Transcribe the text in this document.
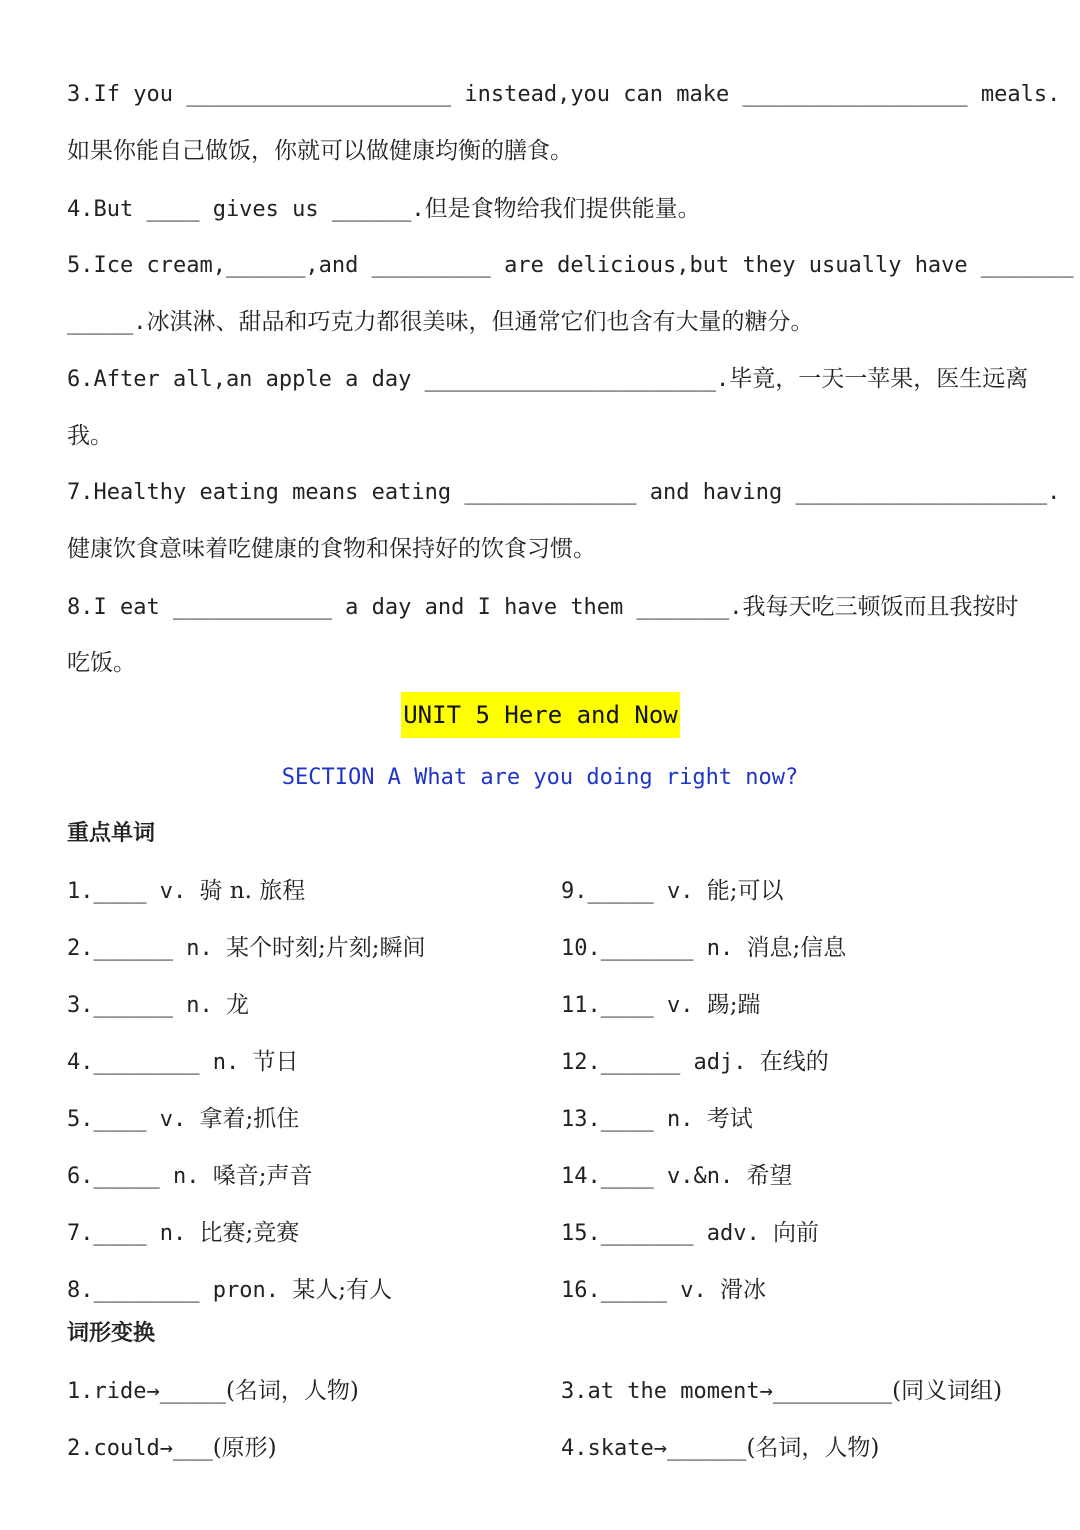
3.If you ____________________ instead,you can make _________________ meals.
如果你能自己做饭，你就可以做健康均衡的膳食。
4.But ____ gives us ______.但是食物给我们提供能量。
5.Ice cream,______,and _________ are delicious,but they usually have _______
_____.冰淇淋、甜品和巧克力都很美味，但通常它们也含有大量的糖分。
6.After all,an apple a day ______________________.毕竟，一天一苹果，医生远离
我。
7.Healthy eating means eating _____________ and having ___________________.
健康饮食意味着吃健康的食物和保持好的饮食习惯。
8.I eat ____________ a day and I have them _______.我每天吃三顿饭而且我按时
吃饭。
UNIT 5 Here and Now
SECTION A What are you doing right now?
重点单词
1.____ v. 骑 n. 旅程
2.______ n. 某个时刻;片刻;瞬间
3.______ n. 龙
4.________ n. 节日
5.____ v. 拿着;抓住
6._____ n. 嗓音;声音
7.____ n. 比赛;竞赛
8.________ pron. 某人;有人
9._____ v. 能;可以
10._______ n. 消息;信息
11.____ v. 踢;踹
12.______ adj. 在线的
13.____ n. 考试
14.____ v.&n. 希望
15._______ adv. 向前
16._____ v. 滑冰
词形变换
1.ride→_____(名词，人物)	3.at the moment→_________(同义词组)
2.could→___(原形)	4.skate→______(名词，人物)
